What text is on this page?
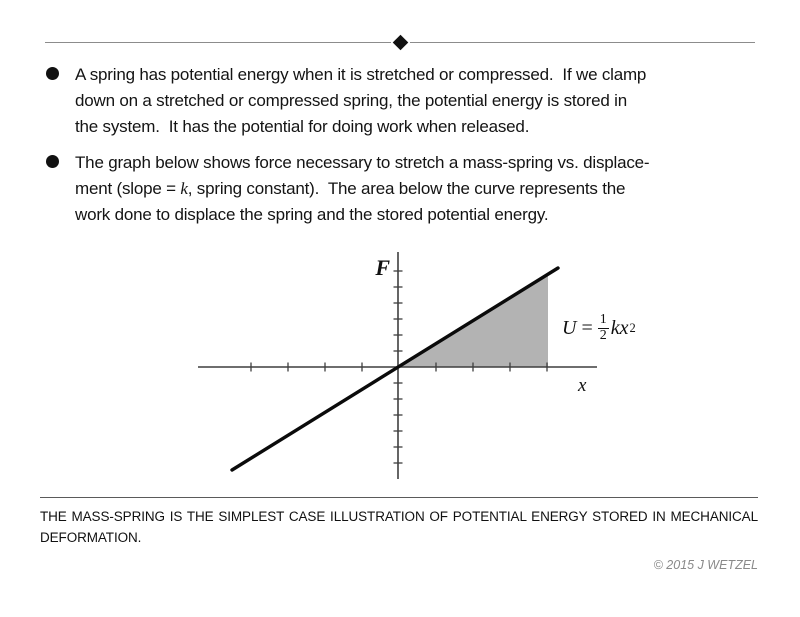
A spring has potential energy when it is stretched or compressed.  If we clamp
down on a stretched or compressed spring, the potential energy is stored in
the system.  It has the potential for doing work when released.
The graph below shows force necessary to stretch a mass-spring vs. displace-
ment (slope = k, spring constant).  The area below the curve represents the
work done to displace the spring and the stored potential energy.
F
x
$U = \frac{1}{2}$ kx 2
THE MASS-SPRING IS THE SIMPLEST CASE ILLUSTRATION OF POTENTIAL ENERGY STORED IN MECHANICAL
DEFORMATION.
© 2015 J WETZEL
